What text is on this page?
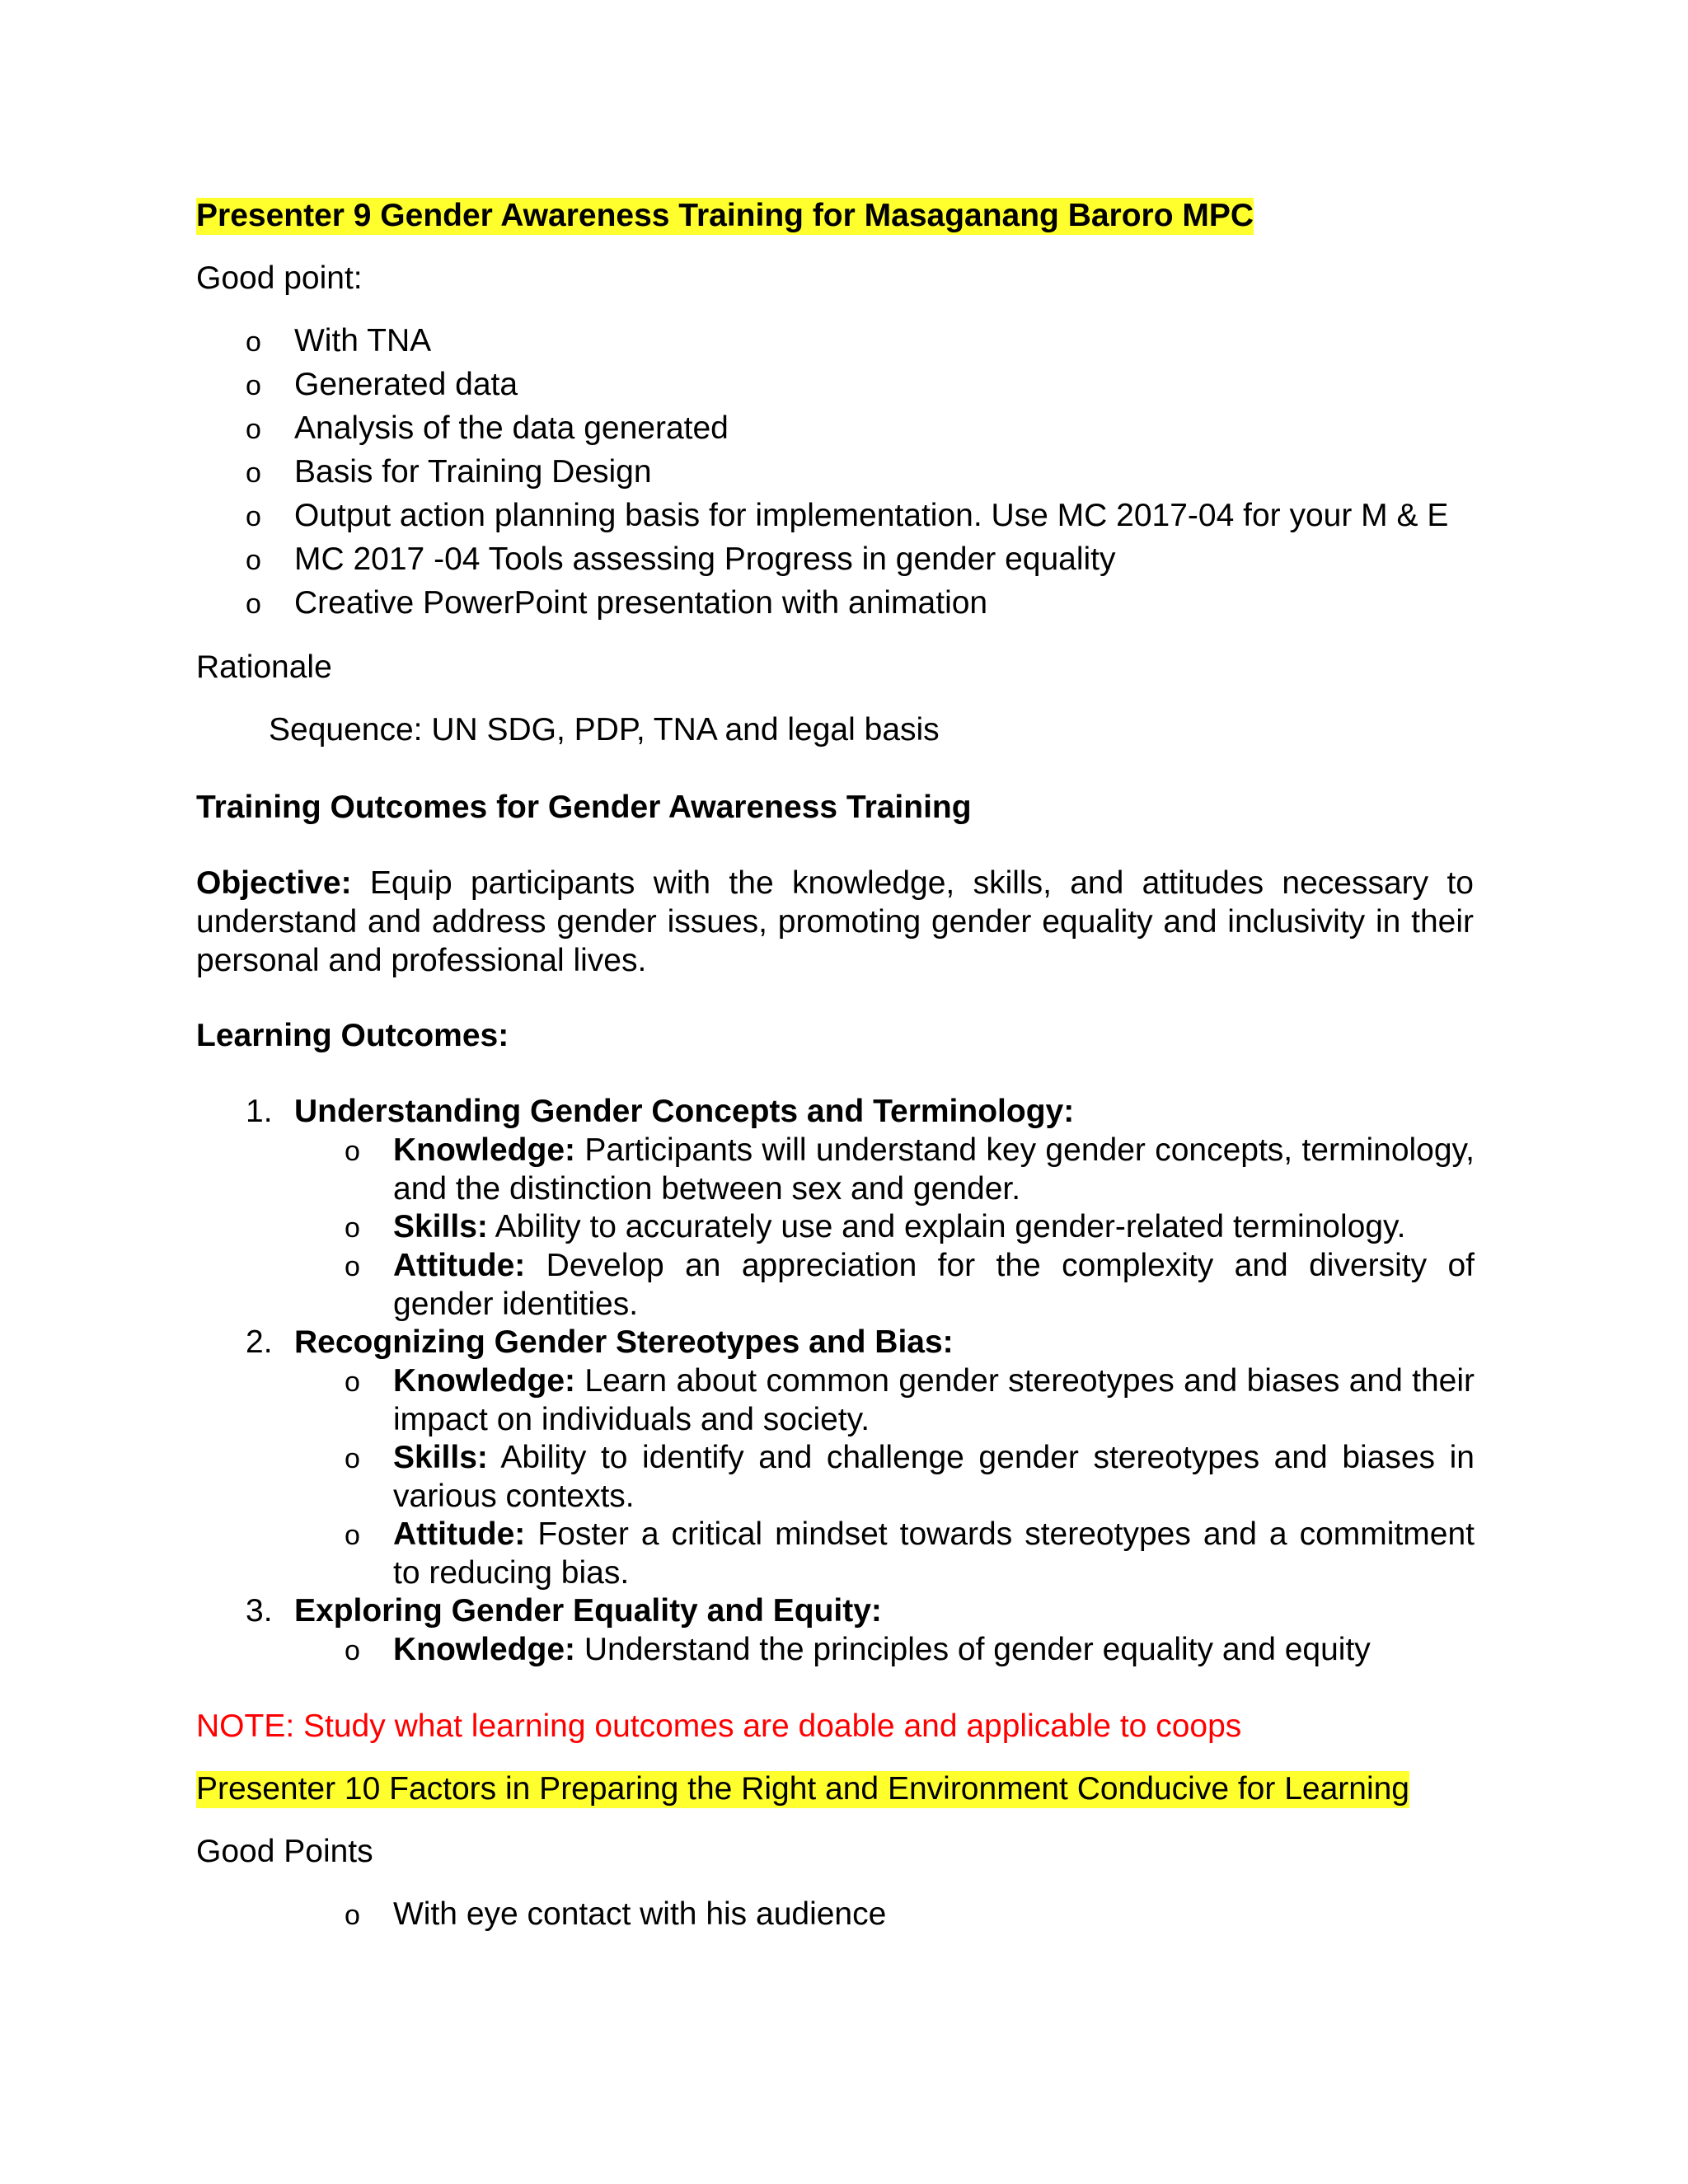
Presenter 9 Gender Awareness Training for Masaganang Baroro MPC
Good point:
o With TNA
o Generated data
o Analysis of the data generated
o Basis for Training Design
o Output action planning basis for implementation. Use MC 2017-04 for your M & E
o MC 2017 -04 Tools assessing Progress in gender equality
o Creative PowerPoint presentation with animation
Rationale
Sequence: UN SDG, PDP, TNA and legal basis
Training Outcomes for Gender Awareness Training
Objective: Equip participants with the knowledge, skills, and attitudes necessary to understand and address gender issues, promoting gender equality and inclusivity in their personal and professional lives.
Learning Outcomes:
1. Understanding Gender Concepts and Terminology:
o Knowledge: Participants will understand key gender concepts, terminology, and the distinction between sex and gender.
o Skills: Ability to accurately use and explain gender-related terminology.
o Attitude: Develop an appreciation for the complexity and diversity of gender identities.
2. Recognizing Gender Stereotypes and Bias:
o Knowledge: Learn about common gender stereotypes and biases and their impact on individuals and society.
o Skills: Ability to identify and challenge gender stereotypes and biases in various contexts.
o Attitude: Foster a critical mindset towards stereotypes and a commitment to reducing bias.
3. Exploring Gender Equality and Equity:
o Knowledge: Understand the principles of gender equality and equity
NOTE: Study what learning outcomes are doable and applicable to coops
Presenter 10 Factors in Preparing the Right and Environment Conducive for Learning
Good Points
o With eye contact with his audience
